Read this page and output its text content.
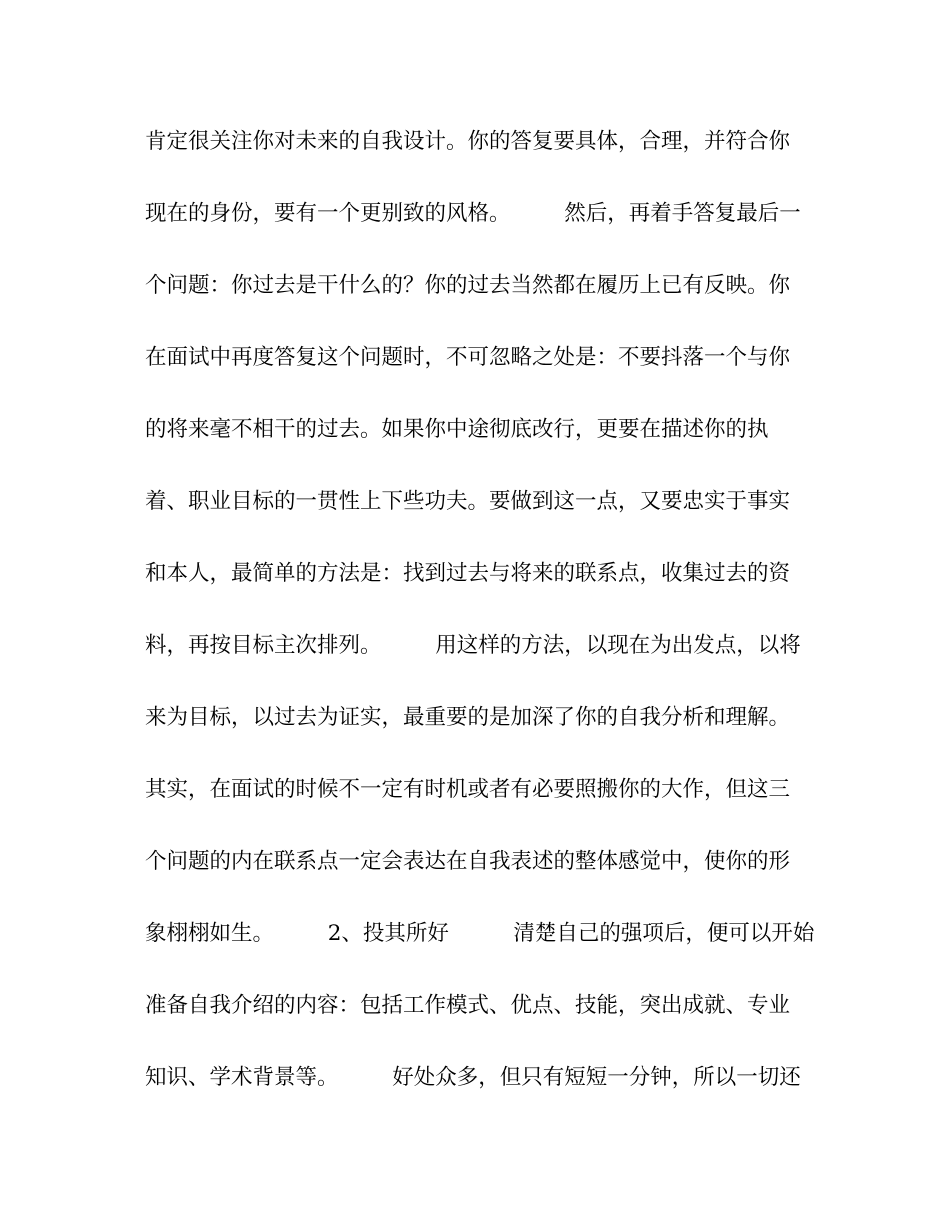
肯定很关注你对未来的自我设计。你的答复要具体，合理，并符合你
现在的身份，要有一个更别致的风格。　　　然后，再着手答复最后一
个问题：你过去是干什么的？你的过去当然都在履历上已有反映。你
在面试中再度答复这个问题时，不可忽略之处是：不要抖落一个与你
的将来毫不相干的过去。如果你中途彻底改行，更要在描述你的执
着、职业目标的一贯性上下些功夫。要做到这一点，又要忠实于事实
和本人，最简单的方法是：找到过去与将来的联系点，收集过去的资
料，再按目标主次排列。　　　用这样的方法，以现在为出发点，以将
来为目标，以过去为证实，最重要的是加深了你的自我分析和理解。
其实，在面试的时候不一定有时机或者有必要照搬你的大作，但这三
个问题的内在联系点一定会表达在自我表述的整体感觉中，使你的形
象栩栩如生。　　　2、投其所好　　　清楚自己的强项后，便可以开始
准备自我介绍的内容：包括工作模式、优点、技能，突出成就、专业
知识、学术背景等。　　　好处众多，但只有短短一分钟，所以一切还
